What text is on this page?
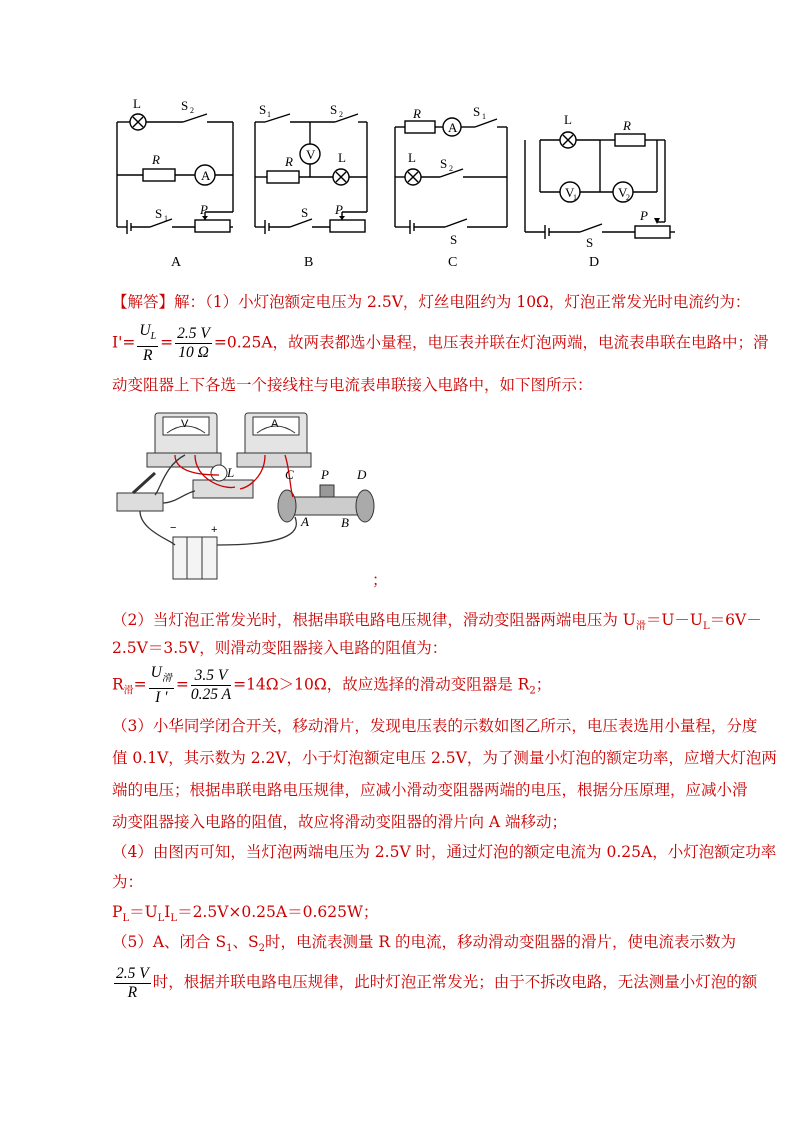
L	S
R
A
S	P
S	S
V
R	L
S P
R
A
S
L S
S
L	R
V	V
S
P
2
1
1	2	1
2
1	2
A	B	C	D
【解答】解：（1）小灯泡额定电压为 2.5V，灯丝电阻约为 10Ω，灯泡正常发光时电流约为：
$I'= \frac{U_L}{R} = \frac{2.5 V}{10 \Omega} =0.25A$，故两表都选小量程，电压表并联在灯泡两端，电流表串联在电路中；滑
动变阻器上下各选一个接线柱与电流表串联接入电路中，如下图所示：
L	C P D
A B
V	A
−	+
；
（2）当灯泡正常发光时，根据串联电路电压规律，滑动变阻器两端电压为 $U_滑=U-U_L=6V-$
2.5V＝3.5V，则滑动变阻器接入电路的阻值为：
$R_滑= \frac{U_滑}{I '} = \frac{3.5 V}{0.25 A} =14\Omega>10\Omega$，故应选择的滑动变阻器是 $R_2$；
（3）小华同学闭合开关，移动滑片，发现电压表的示数如图乙所示，电压表选用小量程，分度
值 0.1V，其示数为 2.2V，小于灯泡额定电压 2.5V，为了测量小灯泡的额定功率，应增大灯泡两
端的电压；根据串联电路电压规律，应减小滑动变阻器两端的电压，根据分压原理，应减小滑
动变阻器接入电路的阻值，故应将滑动变阻器的滑片向 A 端移动；
（4）由图丙可知，当灯泡两端电压为 2.5V 时，通过灯泡的额定电流为 0.25A，小灯泡额定功率
为：
$P_L=U_LI_L=2.5V\times 0.25A=0.625W$；
（5）A、闭合 $S_1$、$S_2$时，电流表测量 R 的电流，移动滑动变阻器的滑片，使电流表示数为
$\frac{2.5 V}{R}$ 时，根据并联电路电压规律，此时灯泡正常发光；由于不拆改电路，无法测量小灯泡的额
